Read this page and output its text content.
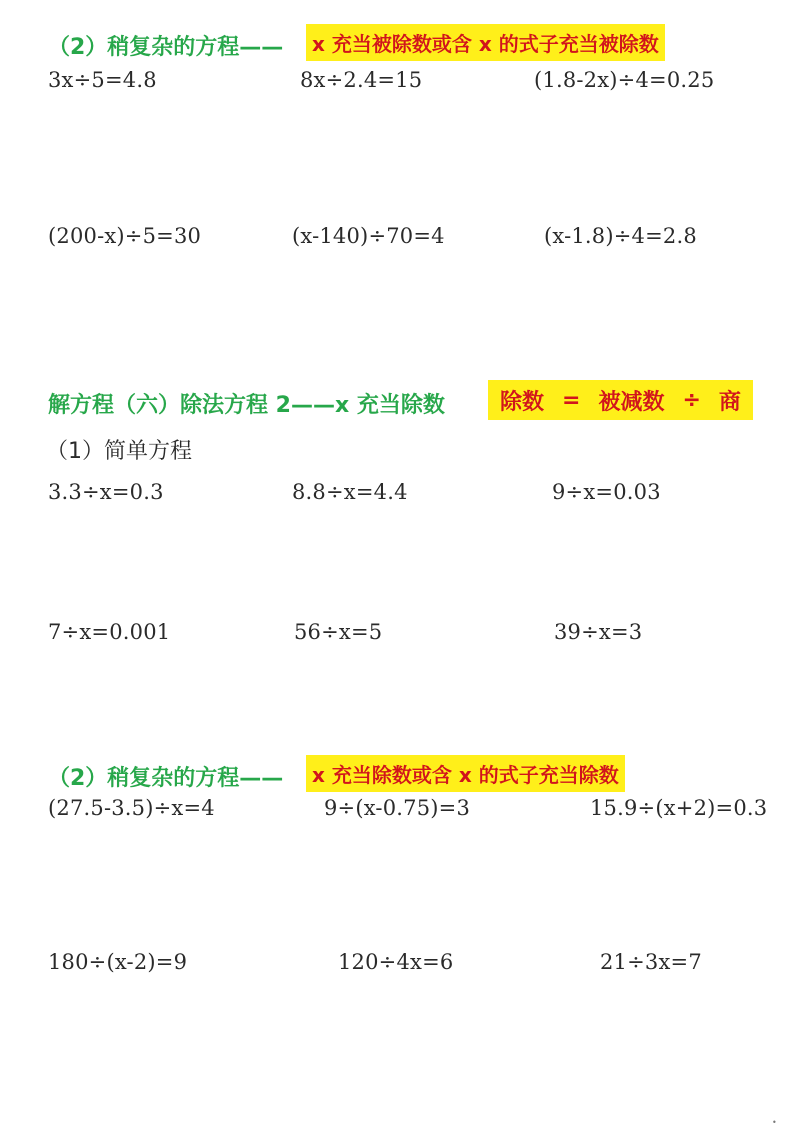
（2）稍复杂的方程——	x 充当被除数或含 x 的式子充当被除数
3x÷5=4.8	8x÷2.4=15	(1.8-2x)÷4=0.25
(200-x)÷5=30	(x-140)÷70=4	(x-1.8)÷4=2.8
解方程（六）除法方程 2——x 充当除数	除数 = 被减数 ÷ 商
（1）简单方程
3.3÷x=0.3	8.8÷x=4.4	9÷x=0.03
7÷x=0.001	56÷x=5	39÷x=3
（2）稍复杂的方程——	x 充当除数或含 x 的式子充当除数
(27.5-3.5)÷x=4	9÷(x-0.75)=3	15.9÷(x+2)=0.3
180÷(x-2)=9	120÷4x=6	21÷3x=7
•
